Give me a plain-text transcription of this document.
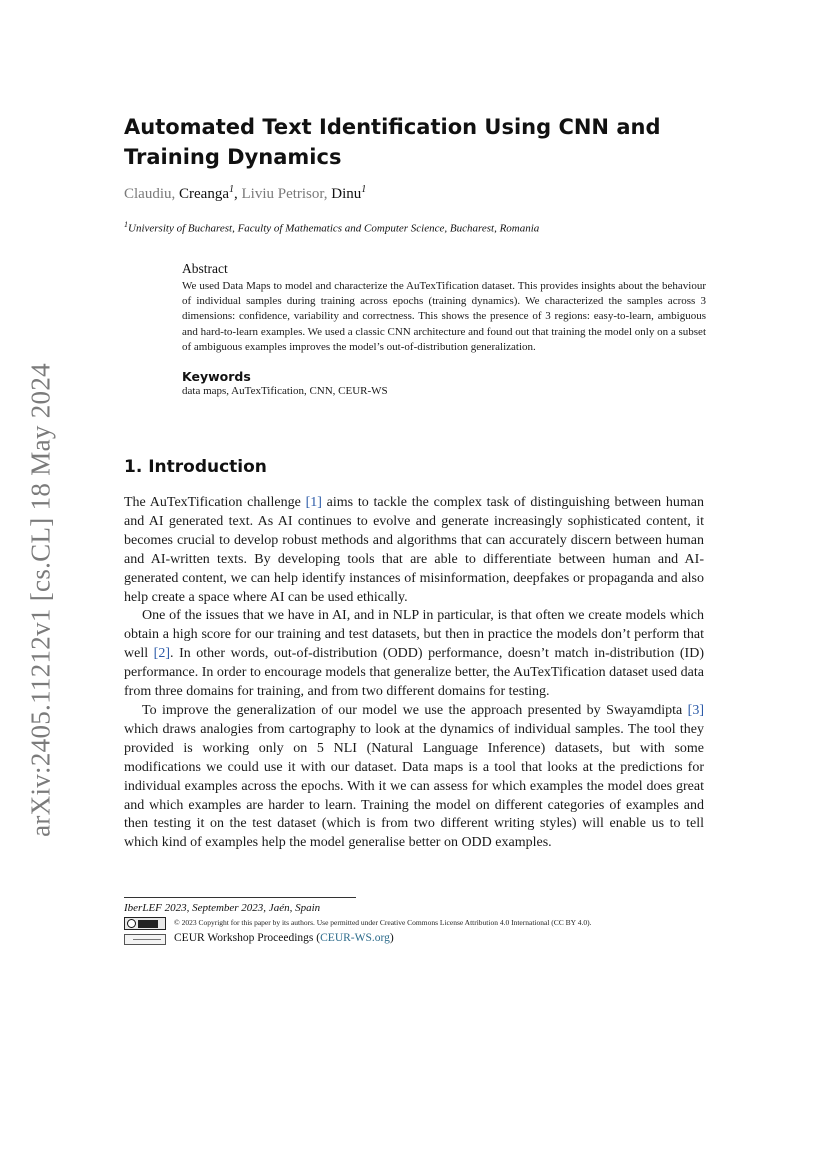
arXiv:2405.11212v1 [cs.CL] 18 May 2024
Automated Text Identification Using CNN and Training Dynamics
Claudiu, Creanga$^1$, Liviu Petrisor, Dinu$^1$
$^1$University of Bucharest, Faculty of Mathematics and Computer Science, Bucharest, Romania
Abstract

We used Data Maps to model and characterize the AuTexTification dataset. This provides insights about the behaviour of individual samples during training across epochs (training dynamics). We characterized the samples across 3 dimensions: confidence, variability and correctness. This shows the presence of 3 regions: easy-to-learn, ambiguous and hard-to-learn examples. We used a classic CNN architecture and found out that training the model only on a subset of ambiguous examples improves the model’s out-of-distribution generalization.

Keywords

data maps, AuTexTification, CNN, CEUR-WS

1. Introduction

The AuTexTification challenge [1] aims to tackle the complex task of distinguishing between human and AI generated text. As AI continues to evolve and generate increasingly sophisticated content, it becomes crucial to develop robust methods and algorithms that can accurately discern between human and AI-written texts. By developing tools that are able to differentiate between human and AI-generated content, we can help identify instances of misinformation, deepfakes or propaganda and also help create a space where AI can be used ethically.

One of the issues that we have in AI, and in NLP in particular, is that often we create models which obtain a high score for our training and test datasets, but then in practice the models don’t perform that well [2]. In other words, out-of-distribution (ODD) performance, doesn’t match in-distribution (ID) performance. In order to encourage models that generalize better, the AuTexTification dataset used data from three domains for training, and from two different domains for testing.

To improve the generalization of our model we use the approach presented by Swayamdipta [3] which draws analogies from cartography to look at the dynamics of individual samples. The tool they provided is working only on 5 NLI (Natural Language Inference) datasets, but with some modifications we could use it with our dataset. Data maps is a tool that looks at the predictions for individual examples across the epochs. With it we can assess for which examples the model does great and which examples are harder to learn. Training the model on different categories of examples and then testing it on the test dataset (which is from two different writing styles) will enable us to tell which kind of examples help the model generalise better on ODD examples.

IberLEF 2023, September 2023, Jaén, Spain
© 2023 Copyright for this paper by its authors. Use permitted under Creative Commons License Attribution 4.0 International (CC BY 4.0).
CEUR Workshop Proceedings (CEUR-WS.org)
